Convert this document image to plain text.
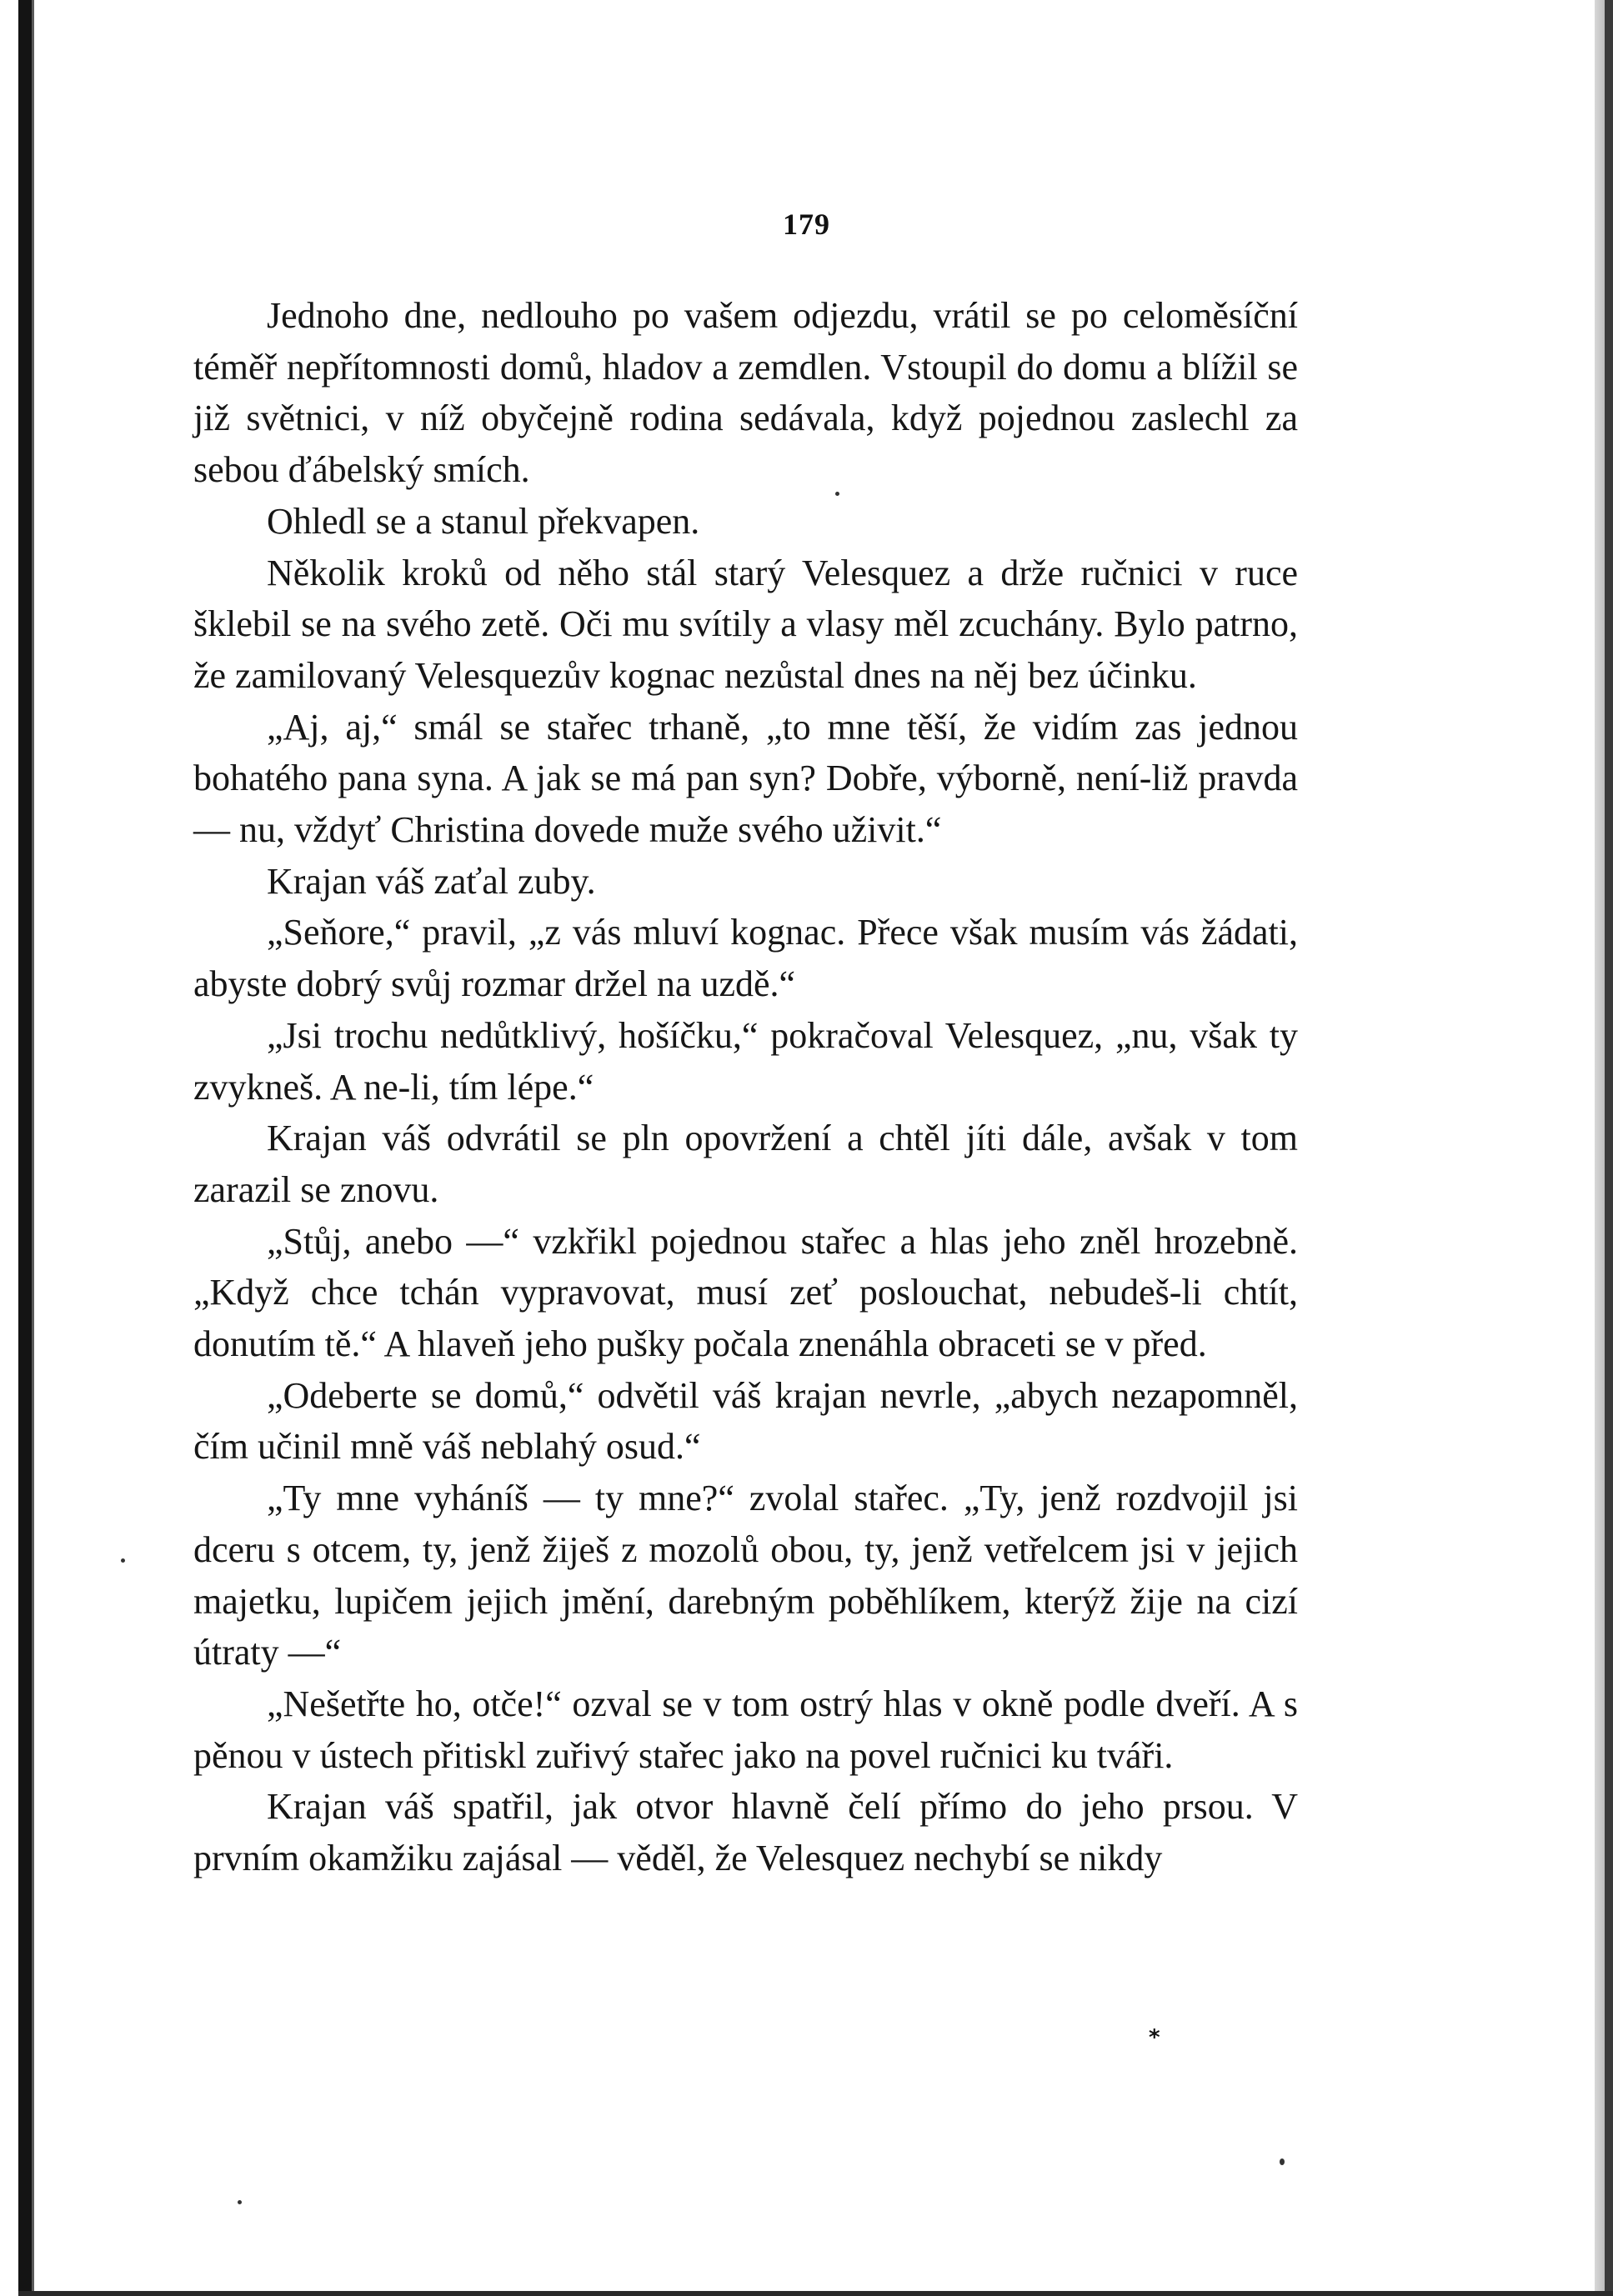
179

Jednoho dne, nedlouho po vašem odjezdu, vrátil se po celoměsíční téměř nepřítomnosti domů, hladov a zemdlen. Vstoupil do domu a blížil se již světnici, v níž obyčejně rodina sedávala, když pojednou zaslechl za sebou ďábelský smích.

Ohledl se a stanul překvapen.

Několik kroků od něho stál starý Velesquez a drže ručnici v ruce šklebil se na svého zetě. Oči mu svítily a vlasy měl zcuchány. Bylo patrno, že zamilovaný Velesquezův kognac nezůstal dnes na něj bez účinku.

„Aj, aj,“ smál se stařec trhaně, „to mne těší, že vidím zas jednou bohatého pana syna. A jak se má pan syn? Dobře, výborně, není-liž pravda — nu, vždyť Christina dovede muže svého uživit.“

Krajan váš zaťal zuby.

„Seňore,“ pravil, „z vás mluví kognac. Přece však musím vás žádati, abyste dobrý svůj rozmar držel na uzdě.“

„Jsi trochu nedůtklivý, hošíčku,“ pokračoval Velesquez, „nu, však ty zvykneš. A ne-li, tím lépe.“

Krajan váš odvrátil se pln opovržení a chtěl jíti dále, avšak v tom zarazil se znovu.

„Stůj, anebo —“ vzkřikl pojednou stařec a hlas jeho zněl hrozebně. „Když chce tchán vypravovat, musí zeť poslouchat, nebudeš-li chtít, donutím tě.“ A hlaveň jeho pušky počala znenáhla obraceti se v před.

„Odeberte se domů,“ odvětil váš krajan nevrle, „abych nezapomněl, čím učinil mně váš neblahý osud.“

„Ty mne vyháníš — ty mne?“ zvolal stařec. „Ty, jenž rozdvojil jsi dceru s otcem, ty, jenž žiješ z mozolů obou, ty, jenž vetřelcem jsi v jejich majetku, lupičem jejich jmění, darebným poběhlíkem, kterýž žije na cizí útraty —“

„Nešetřte ho, otče!“ ozval se v tom ostrý hlas v okně podle dveří. A s pěnou v ústech přitiskl zuřivý stařec jako na povel ručnici ku tváři.

Krajan váš spatřil, jak otvor hlavně čelí přímo do jeho prsou. V prvním okamžiku zajásal — věděl, že Velesquez nechybí se nikdy

*
